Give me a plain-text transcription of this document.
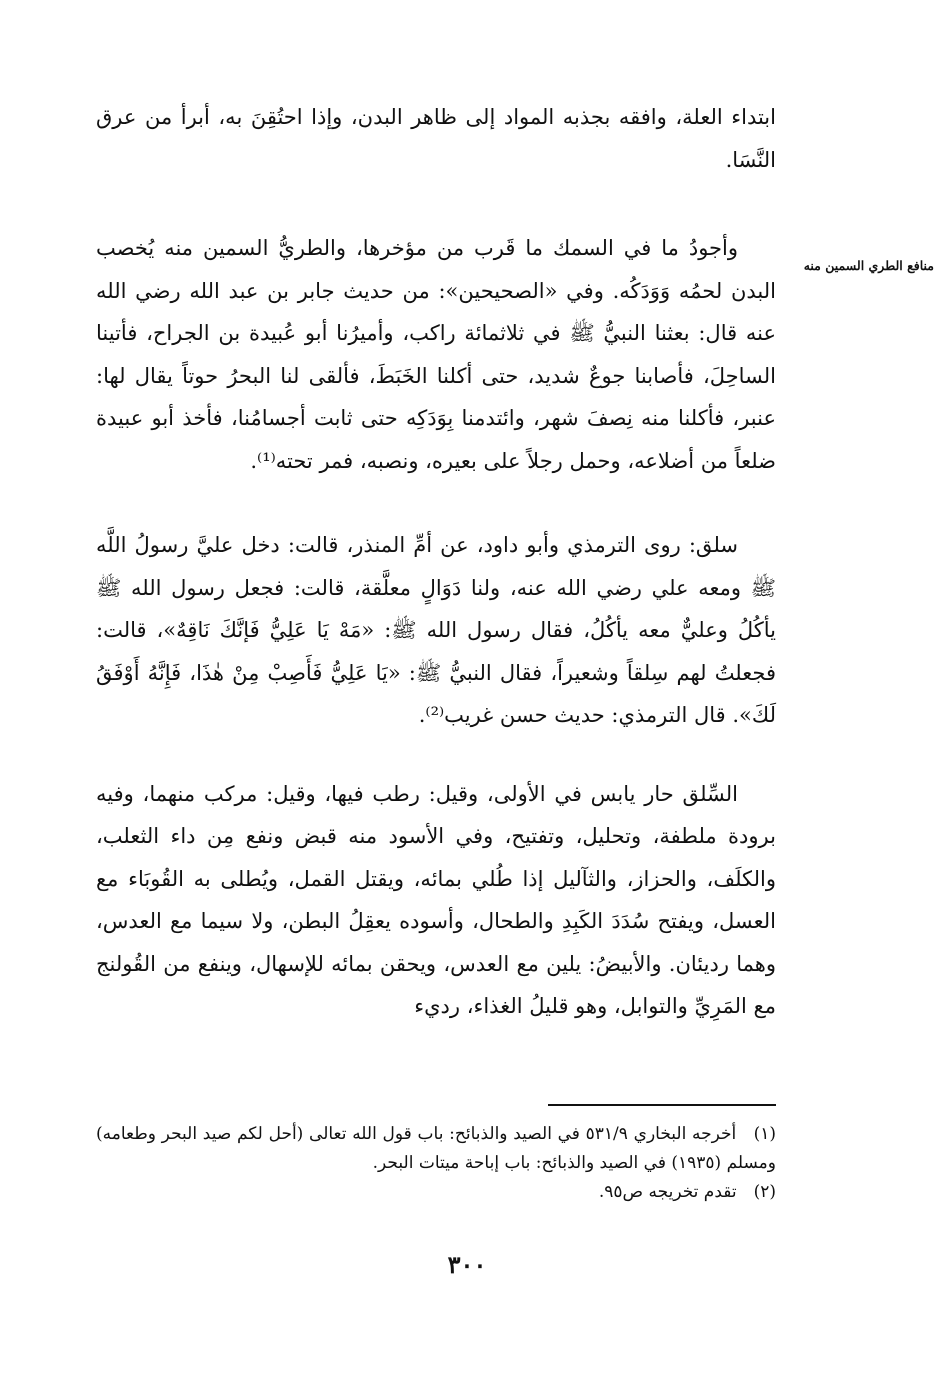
منافع الطري السمين منه

ابتداء العلة، وافقه بجذبه المواد إلى ظاهر البدن، وإذا احتُقِنَ به، أبرأ من عرق النَّسَا.

وأجودُ ما في السمك ما قَرب من مؤخرها، والطريُّ السمين منه يُخصب البدن لحمُه وَوَدَكُه. وفي «الصحيحين»: من حديث جابر بن عبد الله رضي الله عنه قال: بعثنا النبيُّ ﷺ في ثلاثمائة راكب، وأميرُنا أبو عُبيدة بن الجراح، فأتينا الساحِلَ، فأصابنا جوعٌ شديد، حتى أكلنا الخَبَطَ، فألقى لنا البحرُ حوتاً يقال لها: عنبر، فأكلنا منه نِصفَ شهر، وائتدمنا بِوَدَكِه حتى ثابت أجسامُنا، فأخذ أبو عبيدة ضلعاً من أضلاعه، وحمل رجلاً على بعيره، ونصبه، فمر تحته⁽¹⁾.

سلق: روى الترمذي وأبو داود، عن أمِّ المنذر، قالت: دخل عليَّ رسولُ اللَّه ﷺ ومعه علي رضي الله عنه، ولنا دَوَالٍ معلَّقة، قالت: فجعل رسول الله ﷺ يأكُلُ وعليٌّ معه يأكُلُ، فقال رسول الله ﷺ: «مَهْ يَا عَلِيُّ فَإنَّكَ نَاقِهٌ»، قالت: فجعلتُ لهم سِلقاً وشعيراً، فقال النبيُّ ﷺ: «يَا عَلِيُّ فَأَصِبْ مِنْ هٰذَا، فَإِنَّهُ أَوْفَقُ لَكَ». قال الترمذي: حديث حسن غريب⁽²⁾.

السِّلق حار يابس في الأولى، وقيل: رطب فيها، وقيل: مركب منهما، وفيه برودة ملطفة، وتحليل، وتفتيح، وفي الأسود منه قبض ونفع مِن داء الثعلب، والكلَف، والحزاز، والثآليل إذا طُلي بمائه، ويقتل القمل، ويُطلى به القُوبَاء مع العسل، ويفتح سُدَدَ الكَبِدِ والطحال، وأسوده يعقِلُ البطن، ولا سيما مع العدس، وهما رديئان. والأبيضُ: يلين مع العدس، ويحقن بمائه للإسهال، وينفع من القُولنج مع المَرِيِّ والتوابل، وهو قليلُ الغذاء، رديء

(١) أخرجه البخاري ٥٣١/٩ في الصيد والذبائح: باب قول الله تعالى (أحل لكم صيد البحر وطعامه) ومسلم (١٩٣٥) في الصيد والذبائح: باب إباحة ميتات البحر.

(٢) تقدم تخريجه ص٩٥.

٣٠٠
